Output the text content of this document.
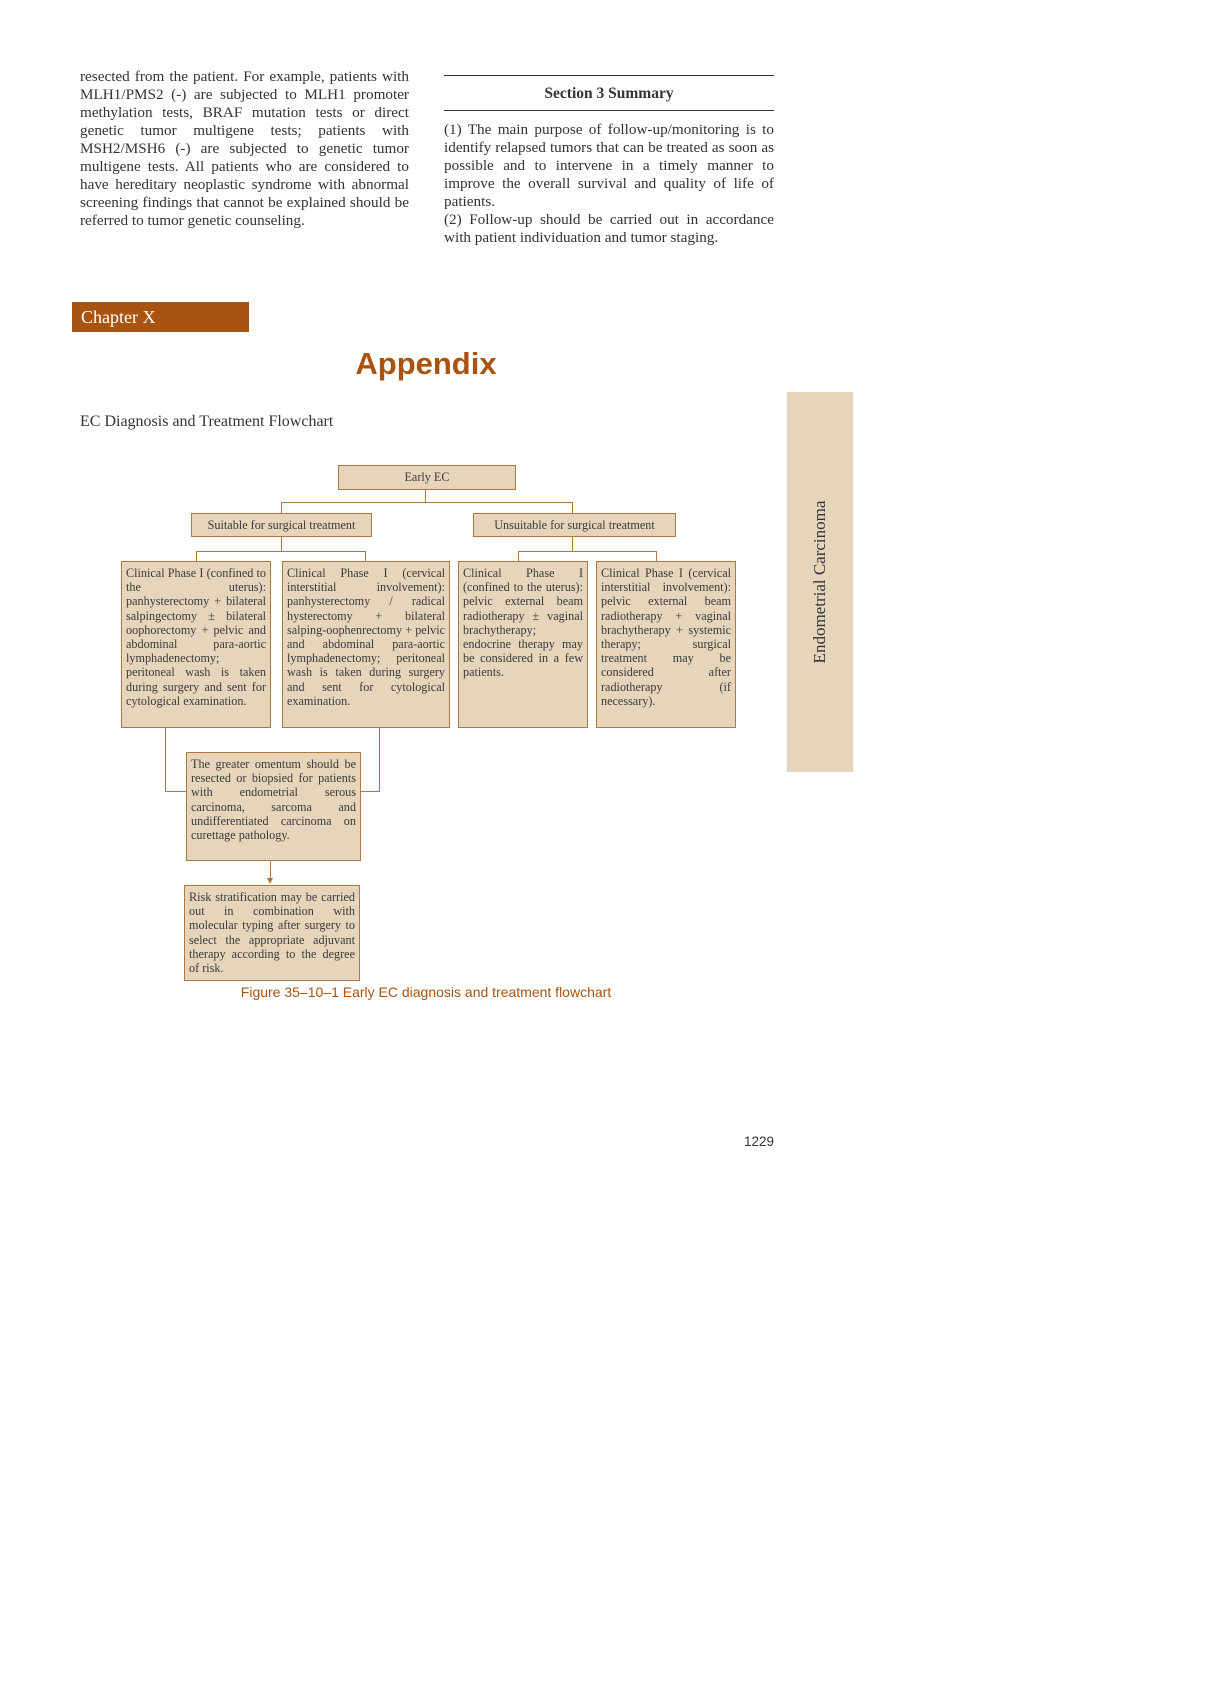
resected from the patient. For example, patients with MLH1/PMS2 (-) are subjected to MLH1 promoter methylation tests, BRAF mutation tests or direct genetic tumor multigene tests; patients with MSH2/MSH6 (-) are subjected to genetic tumor multigene tests. All patients who are considered to have hereditary neoplastic syndrome with abnormal screening findings that cannot be explained should be referred to tumor genetic counseling.

Section 3 Summary

(1) The main purpose of follow-up/monitoring is to identify relapsed tumors that can be treated as soon as possible and to intervene in a timely manner to improve the overall survival and quality of life of patients.

(2) Follow-up should be carried out in accordance with patient individuation and tumor staging.

Chapter X
Appendix
Endometrial Carcinoma
EC Diagnosis and Treatment Flowchart
Early EC
Suitable for surgical treatment	Unsuitable for surgical treatment
Clinical Phase I (confined to the uterus): panhysterectomy + bilateral salpingectomy ± bilateral oophorectomy + pelvic and abdominal para-aortic lymphadenectomy; peritoneal wash is taken during surgery and sent for cytological examination.
Clinical Phase I (cervical interstitial involvement): panhysterectomy / radical hysterectomy + bilateral salping-oophenrectomy + pelvic and abdominal para-aortic lymphadenectomy; peritoneal wash is taken during surgery and sent for cytological examination.
Clinical Phase I (confined to the uterus): pelvic external beam radiotherapy ± vaginal brachytherapy; endocrine therapy may be considered in a few patients.
Clinical Phase I (cervical interstitial involvement): pelvic external beam radiotherapy + vaginal brachytherapy + systemic therapy; surgical treatment may be considered after radiotherapy (if necessary).
The greater omentum should be resected or biopsied for patients with endometrial serous carcinoma, sarcoma and undifferentiated carcinoma on curettage pathology.
Risk stratification may be carried out in combination with molecular typing after surgery to select the appropriate adjuvant therapy according to the degree of risk.
Figure 35–10–1 Early EC diagnosis and treatment flowchart
1229
